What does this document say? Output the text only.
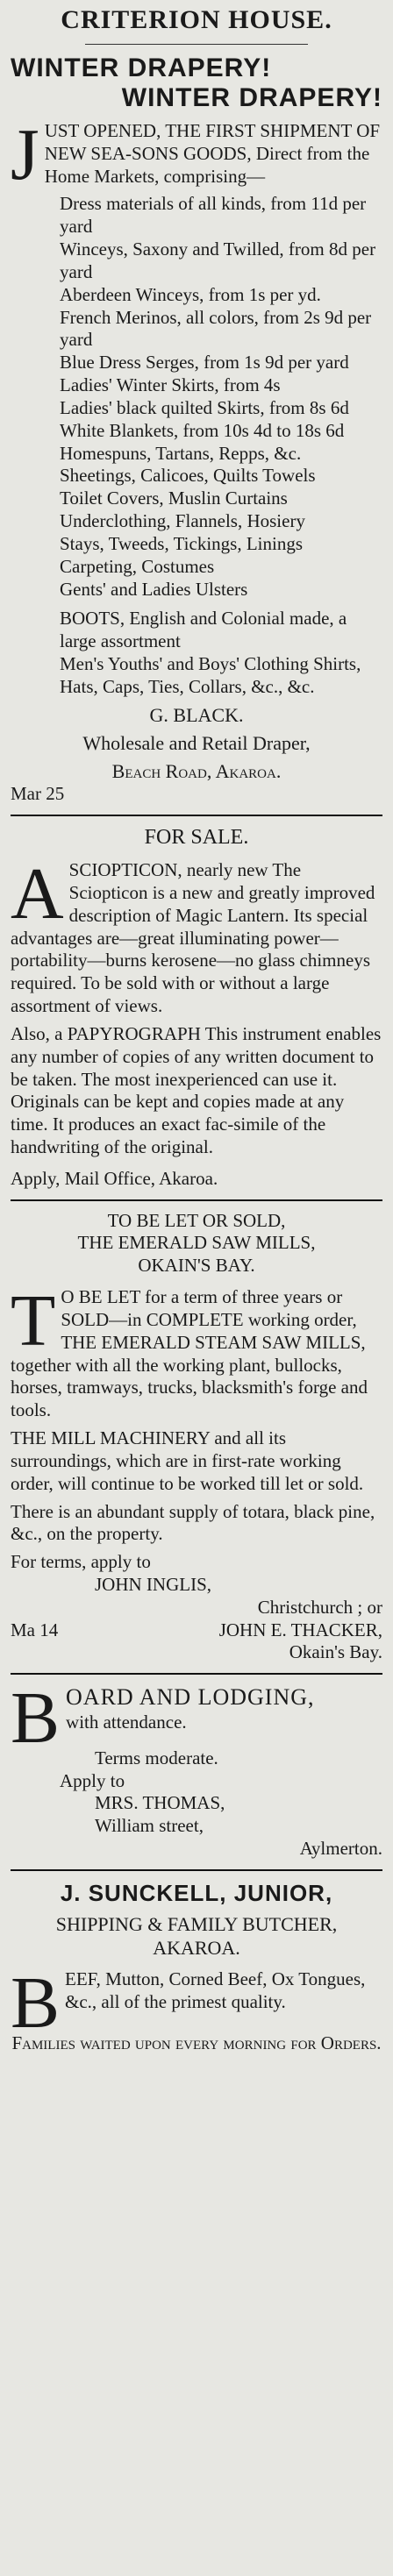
CRITERION HOUSE.
WINTER DRAPERY!
WINTER DRAPERY!
J UST OPENED, THE FIRST SHIPMENT OF NEW SEA-SONS GOODS, Direct from the Home Markets, comprising—
Dress materials of all kinds, from 11d per yard
Winceys, Saxony and Twilled, from 8d per yard
Aberdeen Winceys, from 1s per yd.
French Merinos, all colors, from 2s 9d per yard
Blue Dress Serges, from 1s 9d per yard
Ladies' Winter Skirts, from 4s
Ladies' black quilted Skirts, from 8s 6d
White Blankets, from 10s 4d to 18s 6d
Homespuns, Tartans, Repps, &c.
Sheetings, Calicoes, Quilts Towels
Toilet Covers, Muslin Curtains
Underclothing, Flannels, Hosiery
Stays, Tweeds, Tickings, Linings
Carpeting, Costumes
Gents' and Ladies Ulsters
BOOTS, English and Colonial made, a large assortment
Men's Youths' and Boys' Clothing Shirts, Hats, Caps, Ties, Collars, &c., &c.
G. BLACK.
Wholesale and Retail Draper,
Beach Road, Akaroa.
Mar 25
FOR SALE.
A SCIOPTICON, nearly new The Sciopticon is a new and greatly improved description of Magic Lantern. Its special advantages are—great illuminating power—portability—burns kerosene—no glass chimneys required. To be sold with or without a large assortment of views.
Also, a PAPYROGRAPH This instrument enables any number of copies of any written document to be taken. The most inexperienced can use it. Originals can be kept and copies made at any time. It produces an exact fac-simile of the handwriting of the original.
Apply, Mail Office, Akaroa.
TO BE LET OR SOLD,
THE EMERALD SAW MILLS,
OKAIN'S BAY.
T O BE LET for a term of three years or SOLD—in COMPLETE working order, THE EMERALD STEAM SAW MILLS, together with all the working plant, bullocks, horses, tramways, trucks, blacksmith's forge and tools.
THE MILL MACHINERY and all its surroundings, which are in first-rate working order, will continue to be worked till let or sold.
There is an abundant supply of totara, black pine, &c., on the property.
For terms, apply to
JOHN INGLIS,
Christchurch ; or
Ma 14	JOHN E. THACKER,
Okain's Bay.
B OARD AND LODGING,
with attendance.
Terms moderate.
Apply to
MRS. THOMAS,
William street,
Aylmerton.
J. SUNCKELL, JUNIOR,
SHIPPING & FAMILY BUTCHER,
AKAROA.
B EEF, Mutton, Corned Beef, Ox Tongues, &c., all of the primest quality.
Families waited upon every morning for Orders.
